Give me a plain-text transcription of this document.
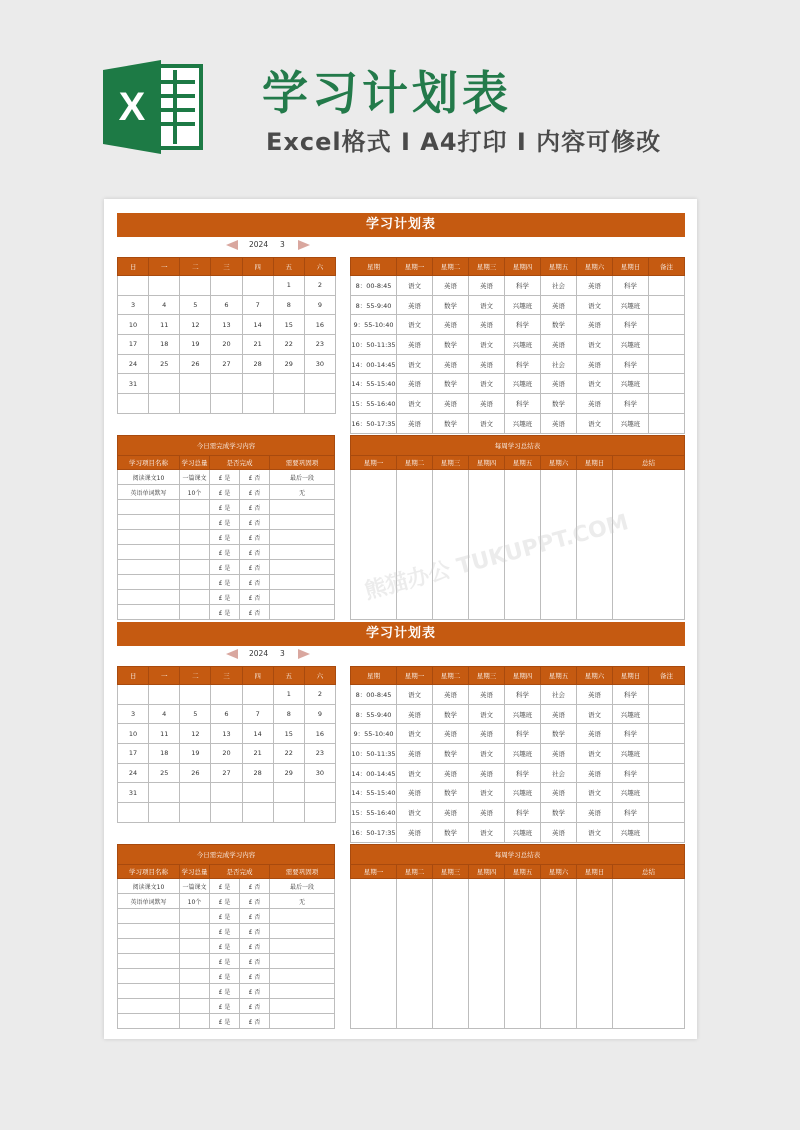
X	学习计划表
Excel格式 I A4打印 I 内容可修改
学习计划表
2024 3
日	一	二	三	四	五	六
					1	2
3	4	5	6	7	8	9
10	11	12	13	14	15	16
17	18	19	20	21	22	23
24	25	26	27	28	29	30
31						

星期	星期一	星期二	星期三	星期四	星期五	星期六	星期日	备注
8：00-8:45	语文	英语	英语	科学	社会	英语	科学	
8：55-9:40	英语	数学	语文	兴趣班	英语	语文	兴趣班	
9：55-10:40	语文	英语	英语	科学	数学	英语	科学	
10：50-11:35	英语	数学	语文	兴趣班	英语	语文	兴趣班	
14：00-14:45	语文	英语	英语	科学	社会	英语	科学	
14：55-15:40	英语	数学	语文	兴趣班	英语	语文	兴趣班	
15：55-16:40	语文	英语	英语	科学	数学	英语	科学	
16：50-17:35	英语	数学	语文	兴趣班	英语	语文	兴趣班	
今日需完成学习内容				
学习项目名称	学习总量	是否完成		需要巩固项
阅读课文10	一篇课文	£ 是	£ 否	最后一段
英语单词默写	10个	£ 是	£ 否	无
		£ 是	£ 否	
		£ 是	£ 否	
		£ 是	£ 否	
		£ 是	£ 否	
		£ 是	£ 否	
		£ 是	£ 否	
		£ 是	£ 否	
		£ 是	£ 否	
每周学习总结表							
星期一	星期二	星期三	星期四	星期五	星期六	星期日	总结

学习计划表
2024 3
日	一	二	三	四	五	六
					1	2
3	4	5	6	7	8	9
10	11	12	13	14	15	16
17	18	19	20	21	22	23
24	25	26	27	28	29	30
31						

星期	星期一	星期二	星期三	星期四	星期五	星期六	星期日	备注
8：00-8:45	语文	英语	英语	科学	社会	英语	科学	
8：55-9:40	英语	数学	语文	兴趣班	英语	语文	兴趣班	
9：55-10:40	语文	英语	英语	科学	数学	英语	科学	
10：50-11:35	英语	数学	语文	兴趣班	英语	语文	兴趣班	
14：00-14:45	语文	英语	英语	科学	社会	英语	科学	
14：55-15:40	英语	数学	语文	兴趣班	英语	语文	兴趣班	
15：55-16:40	语文	英语	英语	科学	数学	英语	科学	
16：50-17:35	英语	数学	语文	兴趣班	英语	语文	兴趣班	
今日需完成学习内容				
学习项目名称	学习总量	是否完成		需要巩固项
阅读课文10	一篇课文	£ 是	£ 否	最后一段
英语单词默写	10个	£ 是	£ 否	无
		£ 是	£ 否	
		£ 是	£ 否	
		£ 是	£ 否	
		£ 是	£ 否	
		£ 是	£ 否	
		£ 是	£ 否	
		£ 是	£ 否	
		£ 是	£ 否	
每周学习总结表							
星期一	星期二	星期三	星期四	星期五	星期六	星期日	总结

熊猫办公 TUKUPPT.COM
